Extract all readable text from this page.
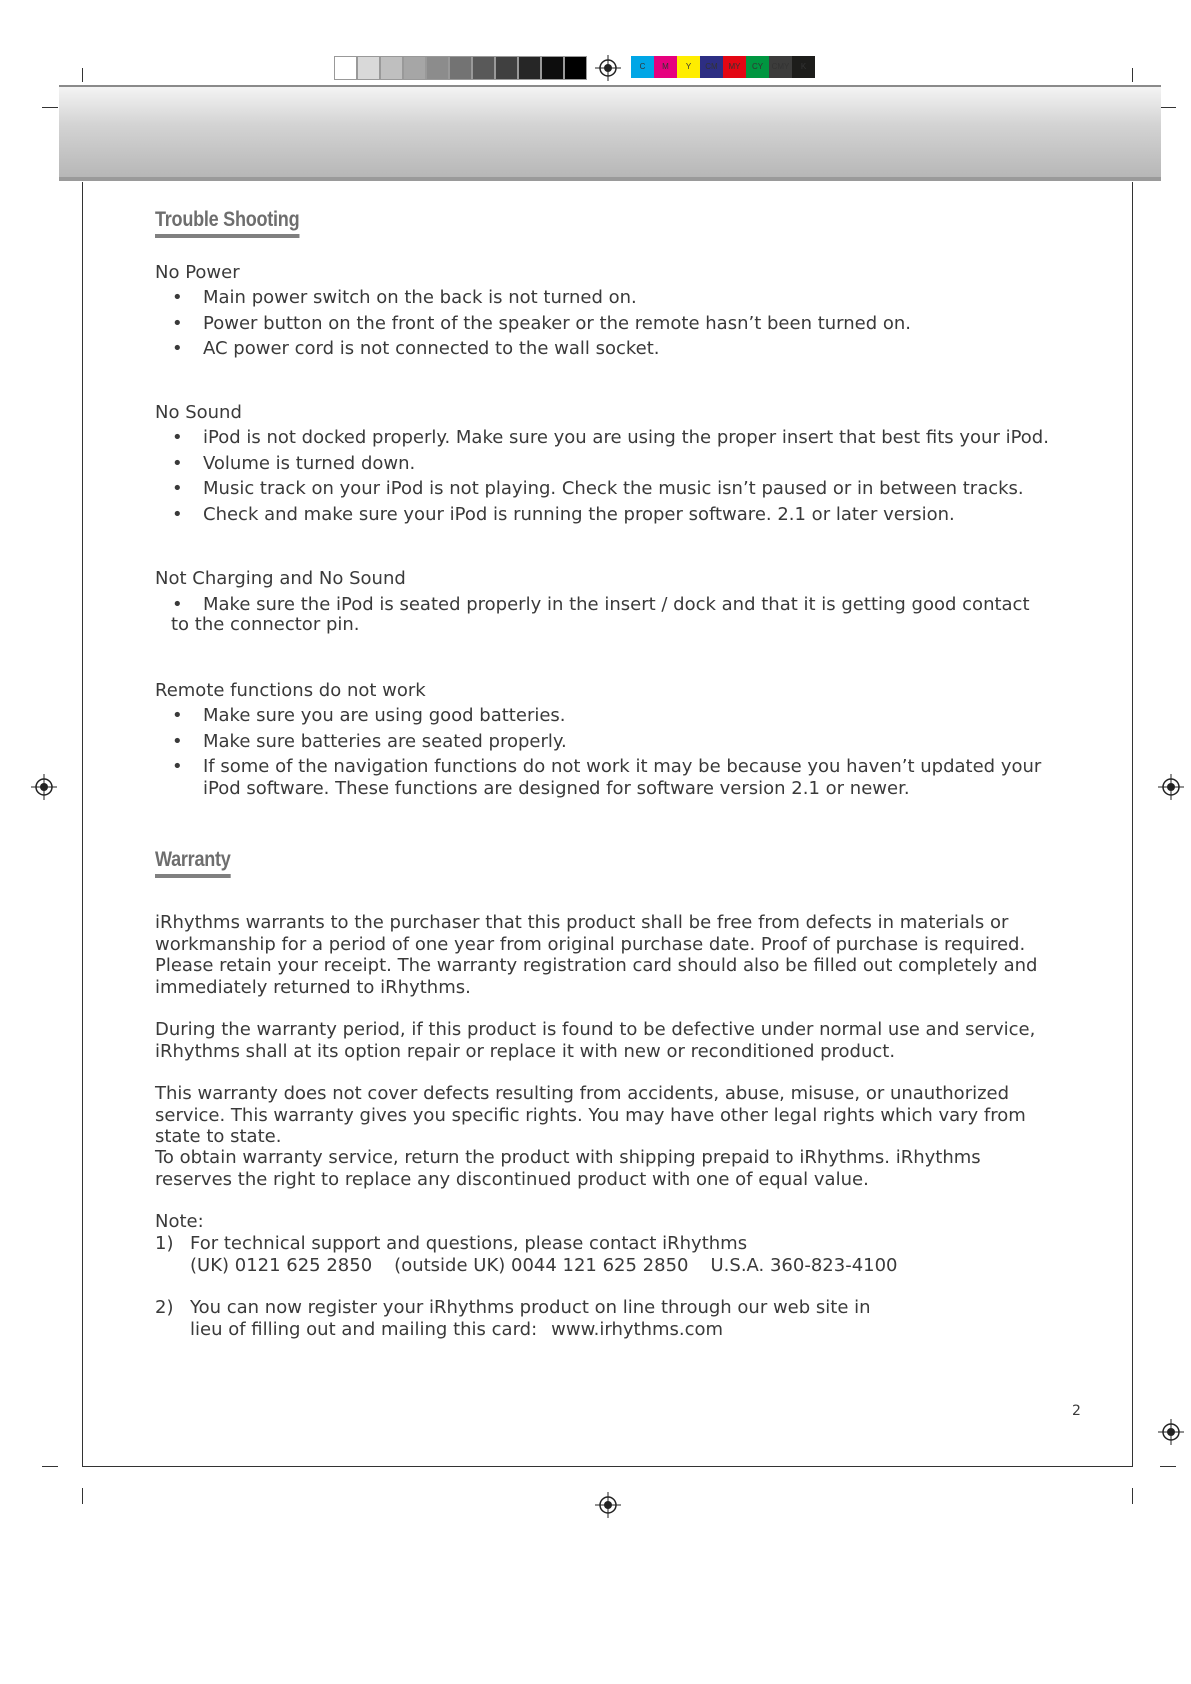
C	M	Y	CM	MY	CY	CMY	K
Trouble Shooting
No Power
• Main power switch on the back is not turned on.
• Power button on the front of the speaker or the remote hasn’t been turned on.
• AC power cord is not connected to the wall socket.
No Sound
• iPod is not docked properly. Make sure you are using the proper insert that best fits your iPod.
• Volume is turned down.
• Music track on your iPod is not playing. Check the music isn’t paused or in between tracks.
• Check and make sure your iPod is running the proper software. 2.1 or later version.
Not Charging and No Sound
• Make sure the iPod is seated properly in the insert / dock and that it is getting good contact
to the connector pin.
Remote functions do not work
• Make sure you are using good batteries.
• Make sure batteries are seated properly.
• If some of the navigation functions do not work it may be because you haven’t updated your iPod software. These functions are designed for software version 2.1 or newer.
Warranty
iRhythms warrants to the purchaser that this product shall be free from defects in materials or workmanship for a period of one year from original purchase date. Proof of purchase is required. Please retain your receipt. The warranty registration card should also be filled out completely and immediately returned to iRhythms.
During the warranty period, if this product is found to be defective under normal use and service, iRhythms shall at its option repair or replace it with new or reconditioned product.
This warranty does not cover defects resulting from accidents, abuse, misuse, or unauthorized service. This warranty gives you specific rights. You may have other legal rights which vary from state to state.
To obtain warranty service, return the product with shipping prepaid to iRhythms. iRhythms reserves the right to replace any discontinued product with one of equal value.
Note:
1) For technical support and questions, please contact iRhythms
(UK) 0121 625 2850 (outside UK) 0044 121 625 2850 U.S.A. 360-823-4100
2) You can now register your iRhythms product on line through our web site in
lieu of filling out and mailing this card: www.irhythms.com
2
